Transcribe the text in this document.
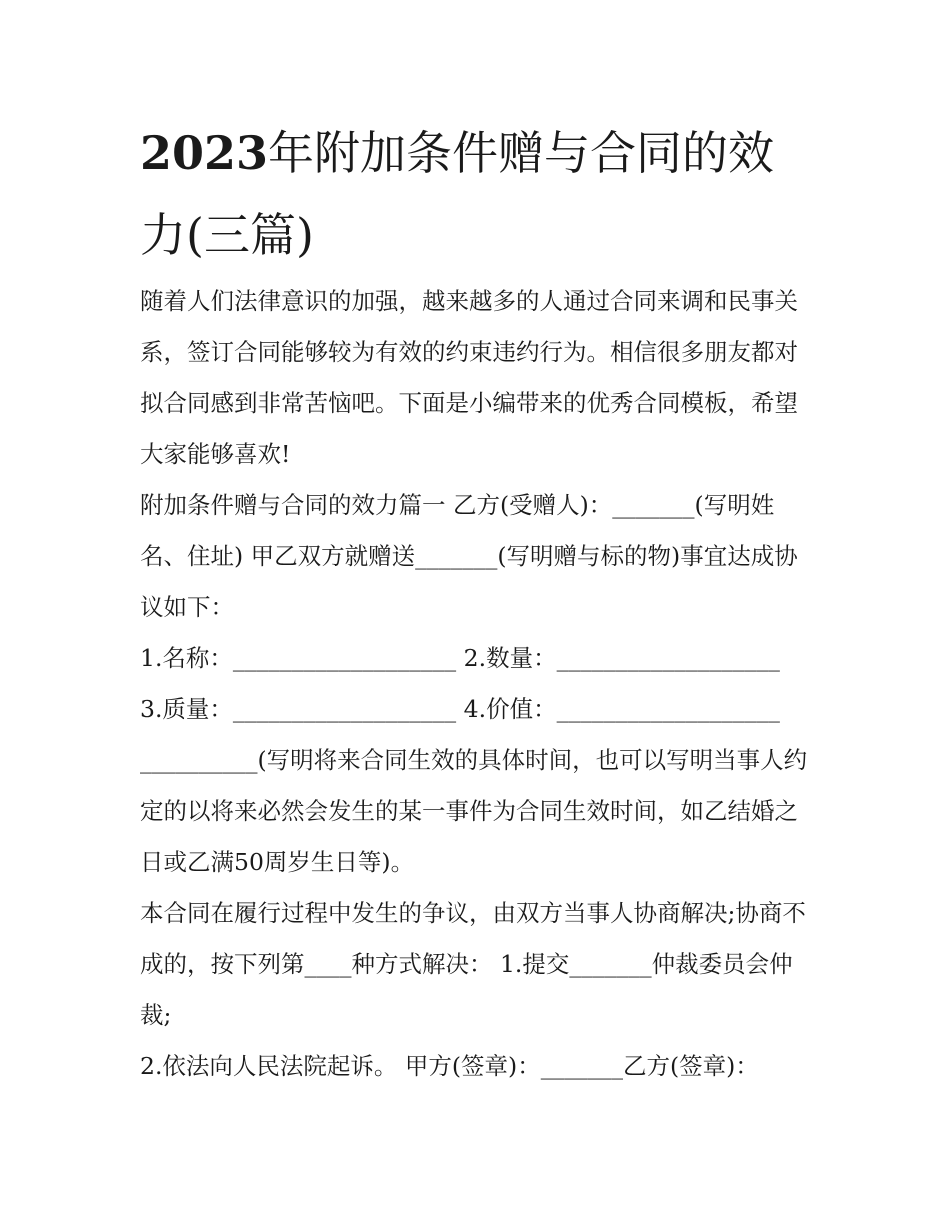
2023年附加条件赠与合同的效力(三篇)

随着人们法律意识的加强，越来越多的人通过合同来调和民事关系，签订合同能够较为有效的约束违约行为。相信很多朋友都对拟合同感到非常苦恼吧。下面是小编带来的优秀合同模板，希望大家能够喜欢!

附加条件赠与合同的效力篇一 乙方(受赠人)：_______(写明姓名、住址) 甲乙双方就赠送_______(写明赠与标的物)事宜达成协议如下：

1.名称：___________________ 2.数量：___________________

3.质量：___________________ 4.价值：___________________

__________(写明将来合同生效的具体时间，也可以写明当事人约定的以将来必然会发生的某一事件为合同生效时间，如乙结婚之日或乙满50周岁生日等)。

本合同在履行过程中发生的争议，由双方当事人协商解决;协商不成的，按下列第____种方式解决： 1.提交_______仲裁委员会仲裁;

2.依法向人民法院起诉。 甲方(签章)：_______乙方(签章)：
